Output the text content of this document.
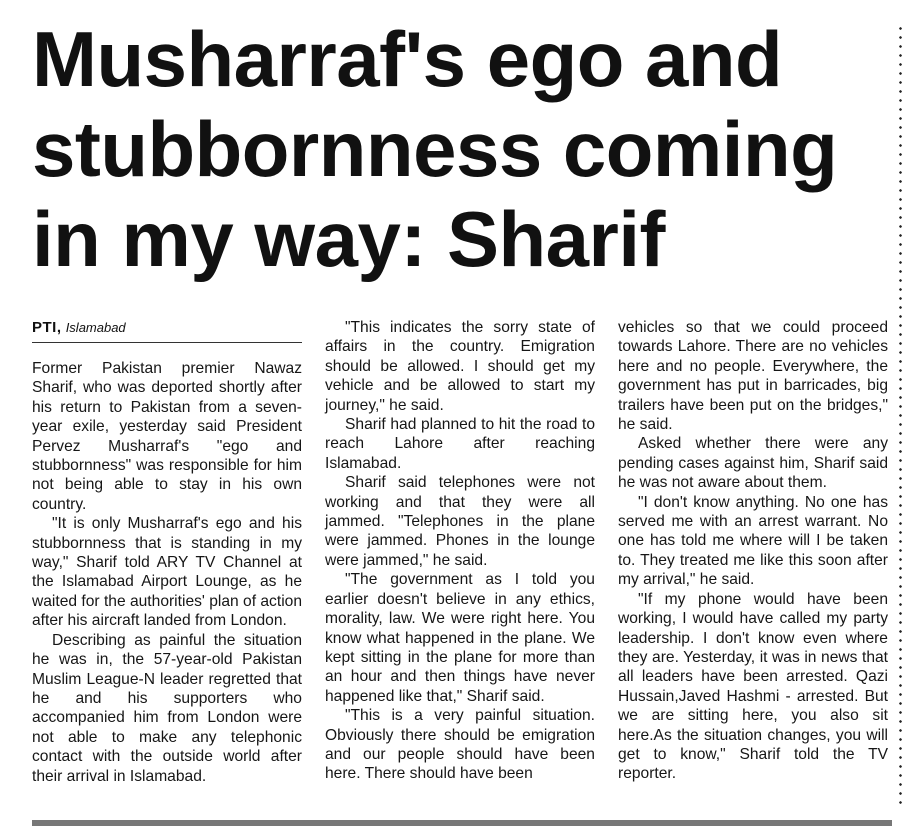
Musharraf's ego and
stubbornness coming
in my way: Sharif
PTI, Islamabad

Former Pakistan premier Nawaz Sharif, who was deported shortly after his return to Pakistan from a seven-year exile, yesterday said President Pervez Musharraf's "ego and stubbornness" was responsible for him not being able to stay in his own country.

"It is only Musharraf's ego and his stubbornness that is standing in my way," Sharif told ARY TV Channel at the Islamabad Airport Lounge, as he waited for the authorities' plan of action after his aircraft landed from London.

Describing as painful the situation he was in, the 57-year-old Pakistan Muslim League-N leader regretted that he and his supporters who accompanied him from London were not able to make any telephonic contact with the outside world after their arrival in Islamabad.

"This indicates the sorry state of affairs in the country. Emigration should be allowed. I should get my vehicle and be allowed to start my journey," he said.

Sharif had planned to hit the road to reach Lahore after reaching Islamabad.

Sharif said telephones were not working and that they were all jammed. "Telephones in the plane were jammed. Phones in the lounge were jammed," he said.

"The government as I told you earlier doesn't believe in any ethics, morality, law. We were right here. You know what happened in the plane. We kept sitting in the plane for more than an hour and then things have never happened like that," Sharif said.

"This is a very painful situation. Obviously there should be emigration and our people should have been here. There should have been

vehicles so that we could proceed towards Lahore. There are no vehicles here and no people. Everywhere, the government has put in barricades, big trailers have been put on the bridges," he said.

Asked whether there were any pending cases against him, Sharif said he was not aware about them.

"I don't know anything. No one has served me with an arrest warrant. No one has told me where will I be taken to. They treated me like this soon after my arrival," he said.

"If my phone would have been working, I would have called my party leadership. I don't know even where they are. Yesterday, it was in news that all leaders have been arrested. Qazi Hussain,Javed Hashmi - arrested. But we are sitting here, you also sit here.As the situation changes, you will get to know," Sharif told the TV reporter.
